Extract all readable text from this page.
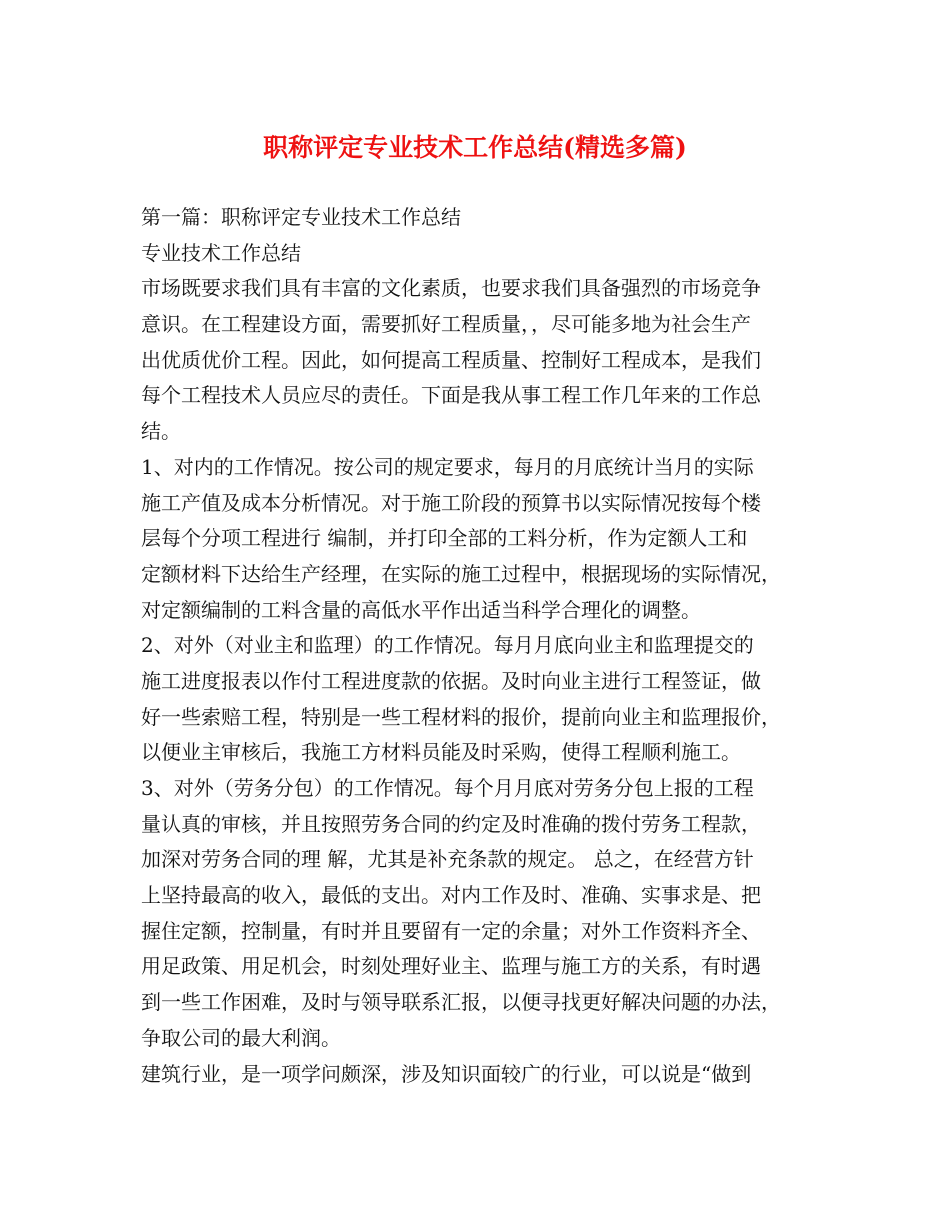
职称评定专业技术工作总结(精选多篇)
第一篇：职称评定专业技术工作总结
专业技术工作总结
市场既要求我们具有丰富的文化素质，也要求我们具备强烈的市场竞争
意识。在工程建设方面，需要抓好工程质量，，尽可能多地为社会生产
出优质优价工程。因此，如何提高工程质量、控制好工程成本，是我们
每个工程技术人员应尽的责任。下面是我从事工程工作几年来的工作总
结。
1、对内的工作情况。按公司的规定要求，每月的月底统计当月的实际
施工产值及成本分析情况。对于施工阶段的预算书以实际情况按每个楼
层每个分项工程进行 编制，并打印全部的工料分析，作为定额人工和
定额材料下达给生产经理，在实际的施工过程中，根据现场的实际情况，
对定额编制的工料含量的高低水平作出适当科学合理化的调整。
2、对外（对业主和监理）的工作情况。每月月底向业主和监理提交的
施工进度报表以作付工程进度款的依据。及时向业主进行工程签证，做
好一些索赔工程，特别是一些工程材料的报价，提前向业主和监理报价，
以便业主审核后，我施工方材料员能及时采购，使得工程顺利施工。
3、对外（劳务分包）的工作情况。每个月月底对劳务分包上报的工程
量认真的审核，并且按照劳务合同的约定及时准确的拨付劳务工程款，
加深对劳务合同的理 解，尤其是补充条款的规定。 总之，在经营方针
上坚持最高的收入，最低的支出。对内工作及时、准确、实事求是、把
握住定额，控制量，有时并且要留有一定的余量；对外工作资料齐全、
用足政策、用足机会，时刻处理好业主、监理与施工方的关系，有时遇
到一些工作困难，及时与领导联系汇报，以便寻找更好解决问题的办法，
争取公司的最大利润。
建筑行业，是一项学问颇深，涉及知识面较广的行业，可以说是“做到
